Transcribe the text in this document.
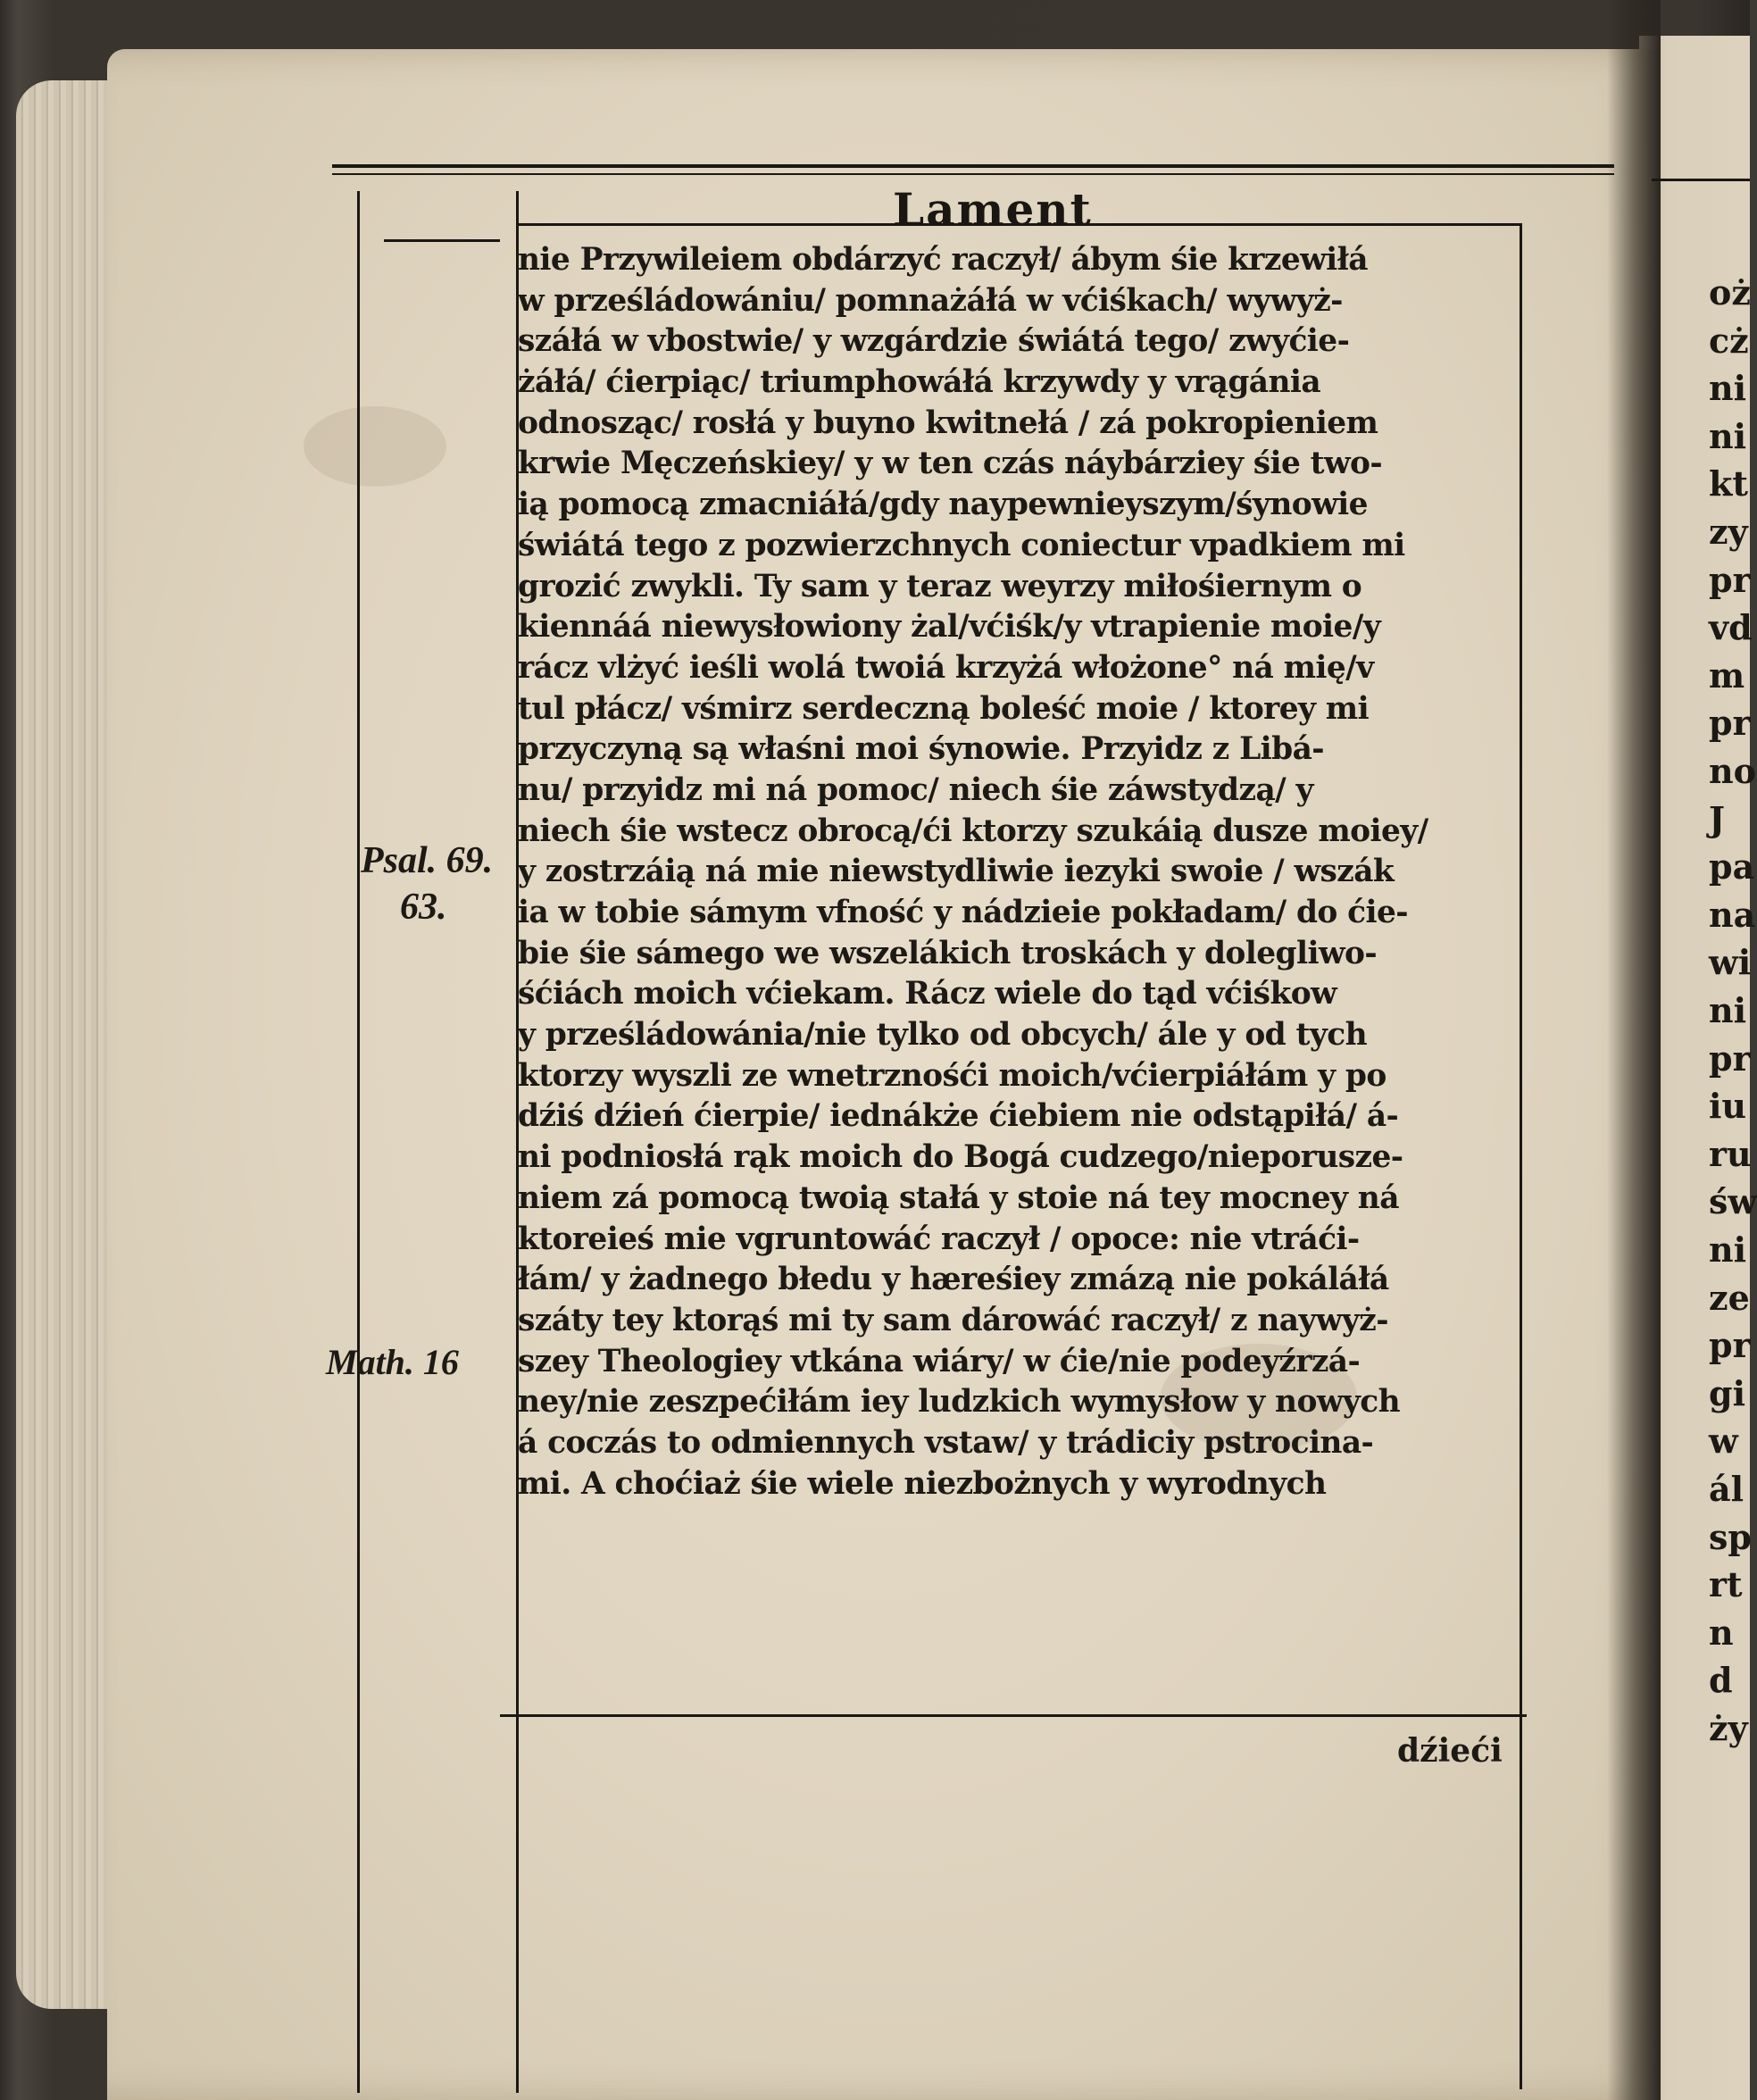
oż
cż
ni
ni
kt
zy
pr
vd
m
pr
no
J
pa
na
wi
ni
pr
iu
ru
św
ni
ze
pr
gi
w
ál
sp
rt
n
d
ży
Lament
nie Przywileiem obdárzyć raczył/ ábym śie krzewiłá
w prześládowániu/ pomnażáłá w vćiśkach/ wywyż-
száłá w vbostwie/ y wzgárdzie świátá tego/ zwyćie-
żáłá/ ćierpiąc/ triumphowáłá krzywdy y vrągánia
odnosząc/ rosłá y buyno kwitnełá / zá pokropieniem
krwie Męczeńskiey/ y w ten czás náybárziey śie two-
ią pomocą zmacniáłá/gdy naypewnieyszym/śynowie
świátá tego z pozwierzchnych coniectur vpadkiem mi
grozić zwykli. Ty sam y teraz weyrzy miłośiernym o
kiennáá niewysłowiony żal/vćiśk/y vtrapienie moie/y
rácz vlżyć ieśli wolá twoiá krzyżá włożone° ná mię/v
tul płácz/ vśmirz serdeczną boleść moie / ktorey mi
przyczyną są właśni moi śynowie. Przyidz z Libá-
nu/ przyidz mi ná pomoc/ niech śie záwstydzą/ y
niech śie wstecz obrocą/ći ktorzy szukáią dusze moiey/
y zostrzáią ná mie niewstydliwie iezyki swoie / wszák
ia w tobie sámym vfność y nádzieie pokładam/ do ćie-
bie śie sámego we wszelákich troskách y dolegliwo-
śćiách moich vćiekam. Rácz wiele do tąd vćiśkow
y prześládowánia/nie tylko od obcych/ ále y od tych
ktorzy wyszli ze wnetrznośći moich/vćierpiáłám y po
dźiś dźień ćierpie/ iednákże ćiebiem nie odstąpiłá/ á-
ni podniosłá rąk moich do Bogá cudzego/nieporusze-
niem zá pomocą twoią stałá y stoie ná tey mocney ná
ktoreieś mie vgruntowáć raczył / opoce: nie vtráći-
łám/ y żadnego błedu y hæreśiey zmázą nie pokáláłá
száty tey ktorąś mi ty sam dárowáć raczył/ z naywyż-
szey Theologiey vtkána wiáry/ w ćie/nie podeyźrzá-
ney/nie zeszpećiłám iey ludzkich wymysłow y nowych
á coczás to odmiennych vstaw/ y trádiciy pstrocina-
mi. A choćiaż śie wiele niezbożnych y wyrodnych
Psal. 69.
63.
Math. 16
dźieći
